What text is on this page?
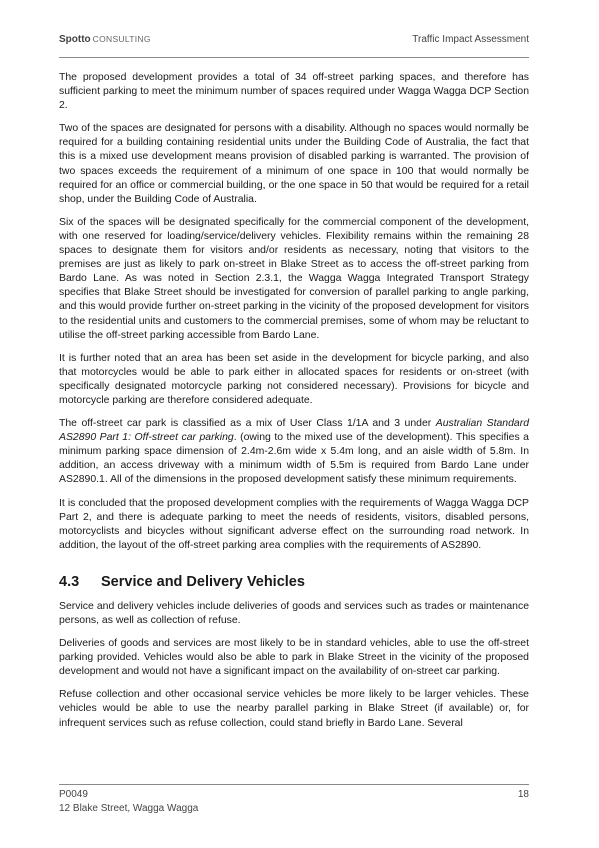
Spotto CONSULTING	Traffic Impact Assessment

The proposed development provides a total of 34 off-street parking spaces, and therefore has sufficient parking to meet the minimum number of spaces required under Wagga Wagga DCP Section 2.

Two of the spaces are designated for persons with a disability. Although no spaces would normally be required for a building containing residential units under the Building Code of Australia, the fact that this is a mixed use development means provision of disabled parking is warranted. The provision of two spaces exceeds the requirement of a minimum of one space in 100 that would normally be required for an office or commercial building, or the one space in 50 that would be required for a retail shop, under the Building Code of Australia.

Six of the spaces will be designated specifically for the commercial component of the development, with one reserved for loading/service/delivery vehicles. Flexibility remains within the remaining 28 spaces to designate them for visitors and/or residents as necessary, noting that visitors to the premises are just as likely to park on-street in Blake Street as to access the off-street parking from Bardo Lane. As was noted in Section 2.3.1, the Wagga Wagga Integrated Transport Strategy specifies that Blake Street should be investigated for conversion of parallel parking to angle parking, and this would provide further on-street parking in the vicinity of the proposed development for visitors to the residential units and customers to the commercial premises, some of whom may be reluctant to utilise the off-street parking accessible from Bardo Lane.

It is further noted that an area has been set aside in the development for bicycle parking, and also that motorcycles would be able to park either in allocated spaces for residents or on-street (with specifically designated motorcycle parking not considered necessary). Provisions for bicycle and motorcycle parking are therefore considered adequate.

The off-street car park is classified as a mix of User Class 1/1A and 3 under Australian Standard AS2890 Part 1: Off-street car parking. (owing to the mixed use of the development). This specifies a minimum parking space dimension of 2.4m-2.6m wide x 5.4m long, and an aisle width of 5.8m. In addition, an access driveway with a minimum width of 5.5m is required from Bardo Lane under AS2890.1. All of the dimensions in the proposed development satisfy these minimum requirements.

It is concluded that the proposed development complies with the requirements of Wagga Wagga DCP Part 2, and there is adequate parking to meet the needs of residents, visitors, disabled persons, motorcyclists and bicycles without significant adverse effect on the surrounding road network. In addition, the layout of the off-street parking area complies with the requirements of AS2890.

4.3 Service and Delivery Vehicles

Service and delivery vehicles include deliveries of goods and services such as trades or maintenance persons, as well as collection of refuse.

Deliveries of goods and services are most likely to be in standard vehicles, able to use the off-street parking provided. Vehicles would also be able to park in Blake Street in the vicinity of the proposed development and would not have a significant impact on the availability of on-street car parking.

Refuse collection and other occasional service vehicles be more likely to be larger vehicles. These vehicles would be able to use the nearby parallel parking in Blake Street (if available) or, for infrequent services such as refuse collection, could stand briefly in Bardo Lane. Several

P0049
12 Blake Street, Wagga Wagga
18
